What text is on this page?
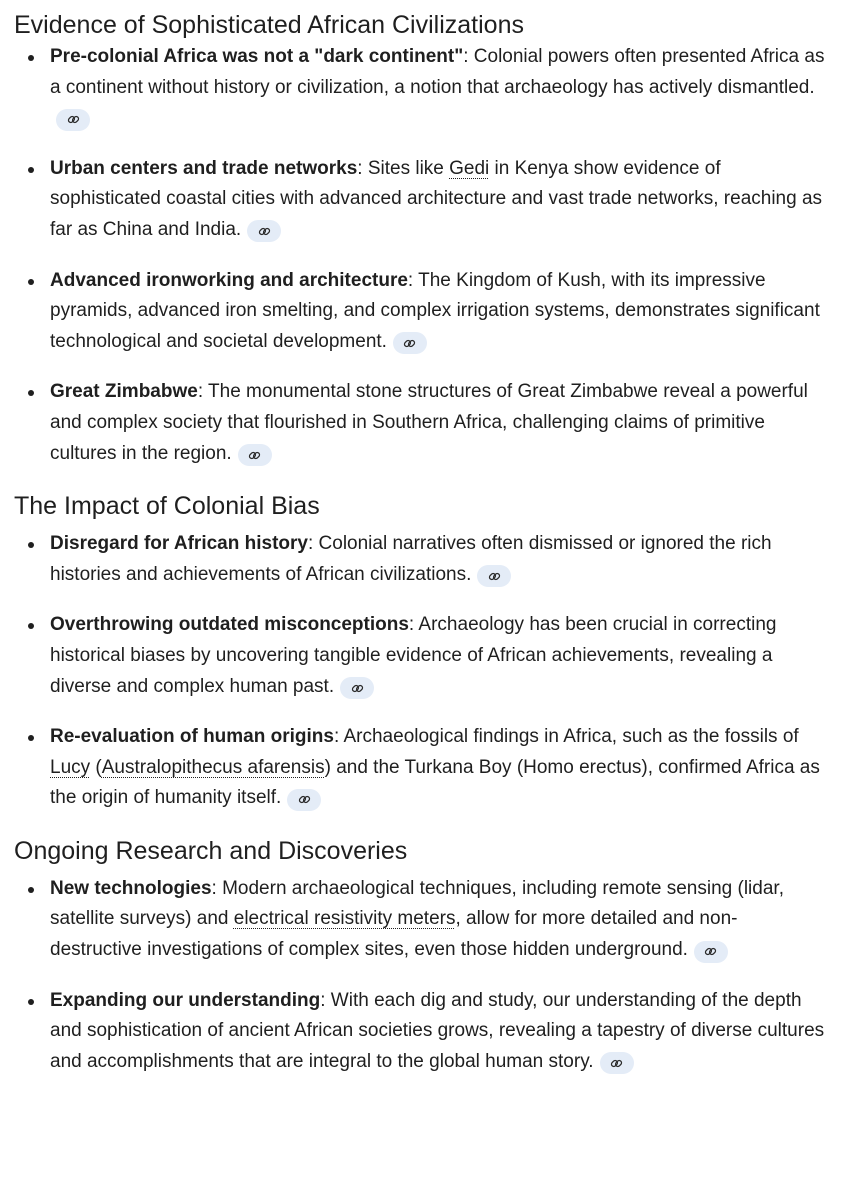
Evidence of Sophisticated African Civilizations
Pre-colonial Africa was not a "dark continent": Colonial powers often presented Africa as a continent without history or civilization, a notion that archaeology has actively dismantled.
Urban centers and trade networks: Sites like Gedi in Kenya show evidence of sophisticated coastal cities with advanced architecture and vast trade networks, reaching as far as China and India.
Advanced ironworking and architecture: The Kingdom of Kush, with its impressive pyramids, advanced iron smelting, and complex irrigation systems, demonstrates significant technological and societal development.
Great Zimbabwe: The monumental stone structures of Great Zimbabwe reveal a powerful and complex society that flourished in Southern Africa, challenging claims of primitive cultures in the region.
The Impact of Colonial Bias
Disregard for African history: Colonial narratives often dismissed or ignored the rich histories and achievements of African civilizations.
Overthrowing outdated misconceptions: Archaeology has been crucial in correcting historical biases by uncovering tangible evidence of African achievements, revealing a diverse and complex human past.
Re-evaluation of human origins: Archaeological findings in Africa, such as the fossils of Lucy (Australopithecus afarensis) and the Turkana Boy (Homo erectus), confirmed Africa as the origin of humanity itself.
Ongoing Research and Discoveries
New technologies: Modern archaeological techniques, including remote sensing (lidar, satellite surveys) and electrical resistivity meters, allow for more detailed and non-destructive investigations of complex sites, even those hidden underground.
Expanding our understanding: With each dig and study, our understanding of the depth and sophistication of ancient African societies grows, revealing a tapestry of diverse cultures and accomplishments that are integral to the global human story.
